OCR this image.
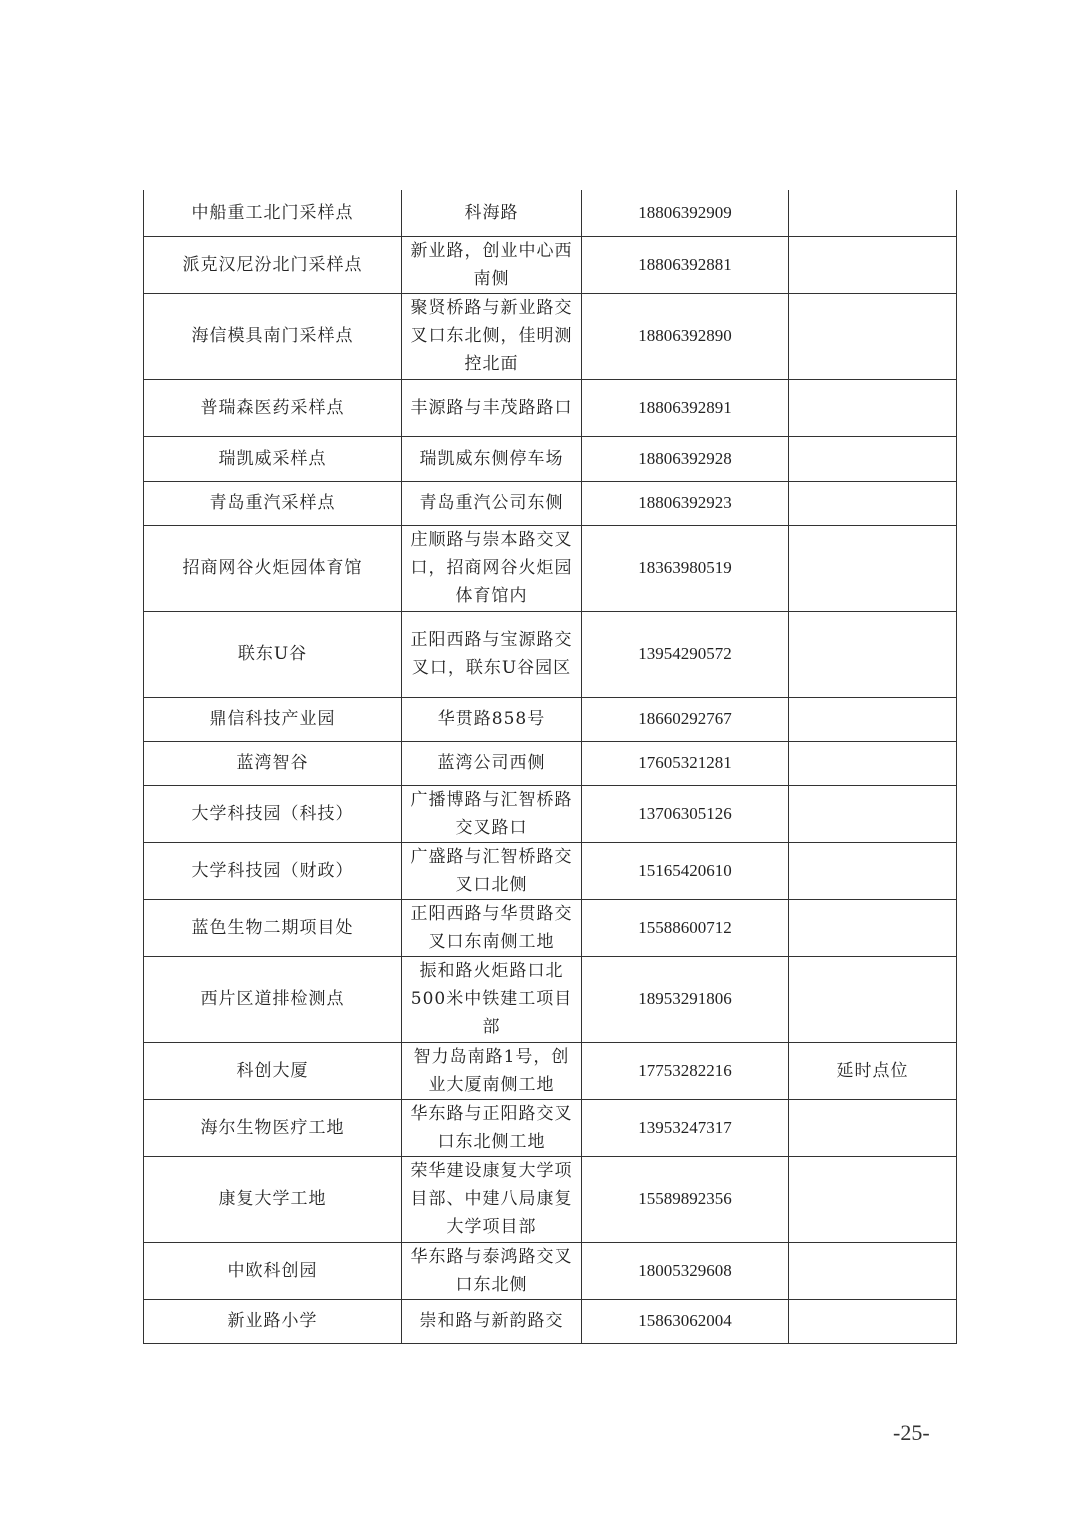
中船重工北门采样点	科海路	18806392909	
派克汉尼汾北门采样点	新业路，创业中心西南侧	18806392881	
海信模具南门采样点	聚贤桥路与新业路交叉口东北侧，佳明测控北面	18806392890	
普瑞森医药采样点	丰源路与丰茂路路口	18806392891	
瑞凯威采样点	瑞凯威东侧停车场	18806392928	
青岛重汽采样点	青岛重汽公司东侧	18806392923	
招商网谷火炬园体育馆	庄顺路与崇本路交叉口，招商网谷火炬园体育馆内	18363980519	
联东U谷	正阳西路与宝源路交叉口，联东U谷园区	13954290572	
鼎信科技产业园	华贯路858号	18660292767	
蓝湾智谷	蓝湾公司西侧	17605321281	
大学科技园（科技）	广播博路与汇智桥路交叉路口	13706305126	
大学科技园（财政）	广盛路与汇智桥路交叉口北侧	15165420610	
蓝色生物二期项目处	正阳西路与华贯路交叉口东南侧工地	15588600712	
西片区道排检测点	振和路火炬路口北500米中铁建工项目部	18953291806	
科创大厦	智力岛南路1号，创业大厦南侧工地	17753282216	延时点位
海尔生物医疗工地	华东路与正阳路交叉口东北侧工地	13953247317	
康复大学工地	荣华建设康复大学项目部、中建八局康复大学项目部	15589892356	
中欧科创园	华东路与泰鸿路交叉口东北侧	18005329608	
新业路小学	崇和路与新韵路交	15863062004	
-25-
